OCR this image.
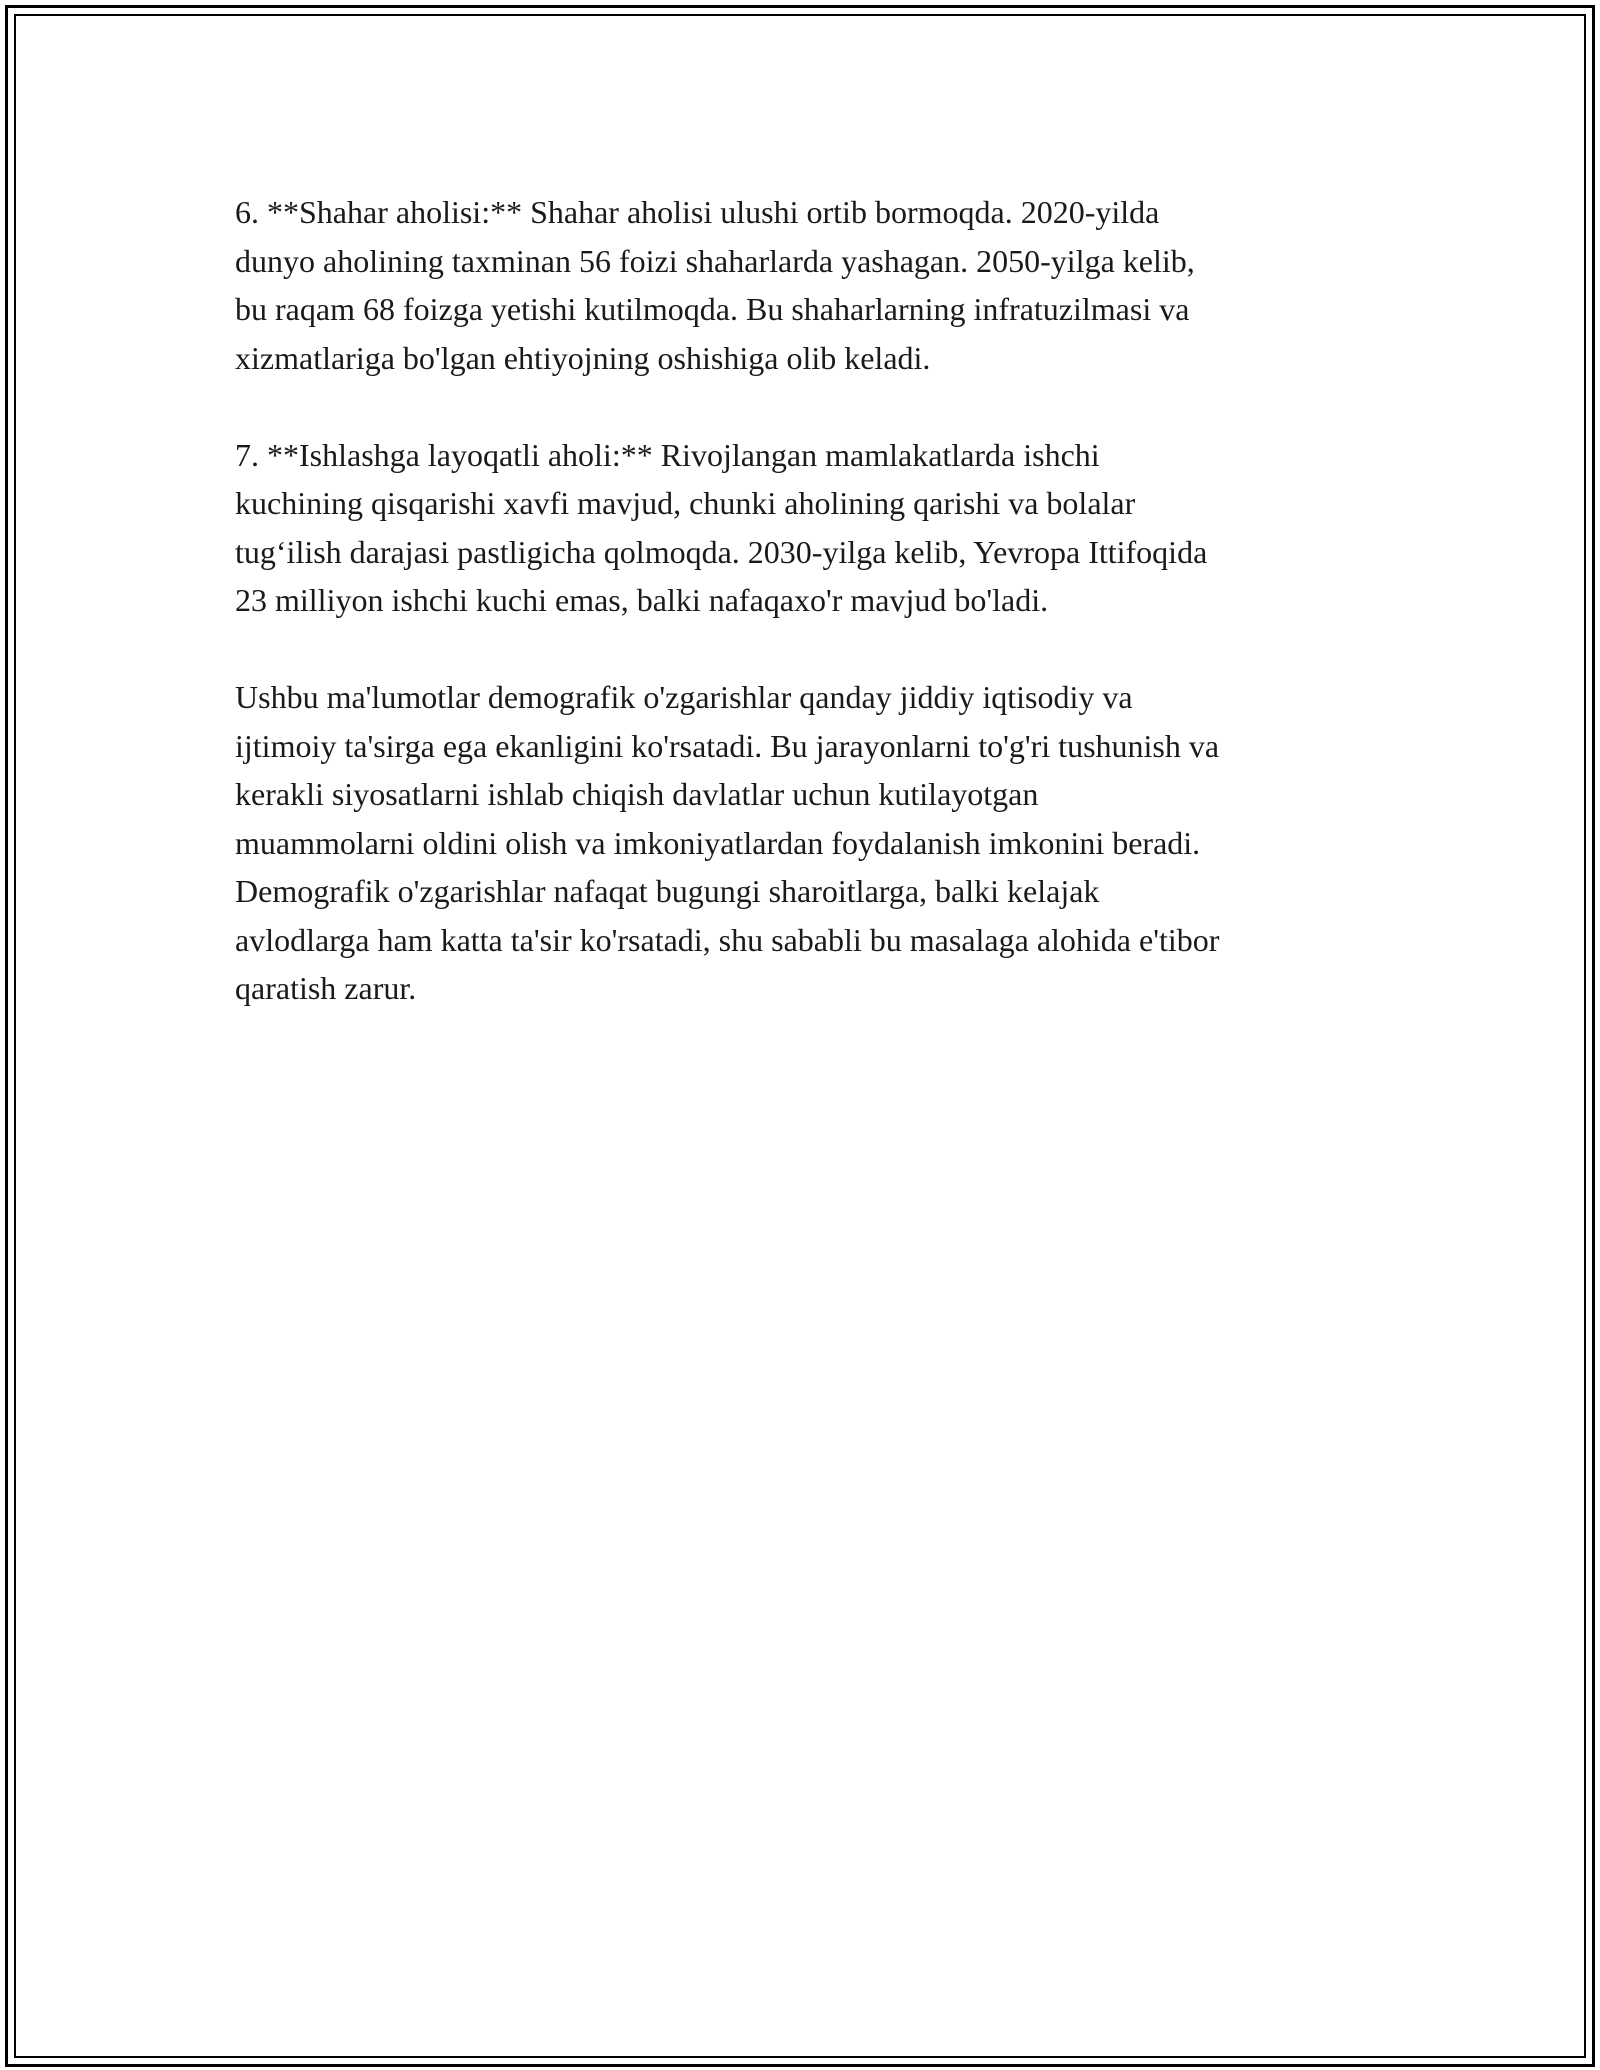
6. **Shahar aholisi:** Shahar aholisi ulushi ortib bormoqda. 2020-yilda
dunyo aholining taxminan 56 foizi shaharlarda yashagan. 2050-yilga kelib,
bu raqam 68 foizga yetishi kutilmoqda. Bu shaharlarning infratuzilmasi va
xizmatlariga bo'lgan ehtiyojning oshishiga olib keladi.

7. **Ishlashga layoqatli aholi:** Rivojlangan mamlakatlarda ishchi
kuchining qisqarishi xavfi mavjud, chunki aholining qarishi va bolalar
tug‘ilish darajasi pastligicha qolmoqda. 2030-yilga kelib, Yevropa Ittifoqida
23 milliyon ishchi kuchi emas, balki nafaqaxo'r mavjud bo'ladi.

Ushbu ma'lumotlar demografik o'zgarishlar qanday jiddiy iqtisodiy va
ijtimoiy ta'sirga ega ekanligini ko'rsatadi. Bu jarayonlarni to'g'ri tushunish va
kerakli siyosatlarni ishlab chiqish davlatlar uchun kutilayotgan
muammolarni oldini olish va imkoniyatlardan foydalanish imkonini beradi.
Demografik o'zgarishlar nafaqat bugungi sharoitlarga, balki kelajak
avlodlarga ham katta ta'sir ko'rsatadi, shu sababli bu masalaga alohida e'tibor
qaratish zarur.
